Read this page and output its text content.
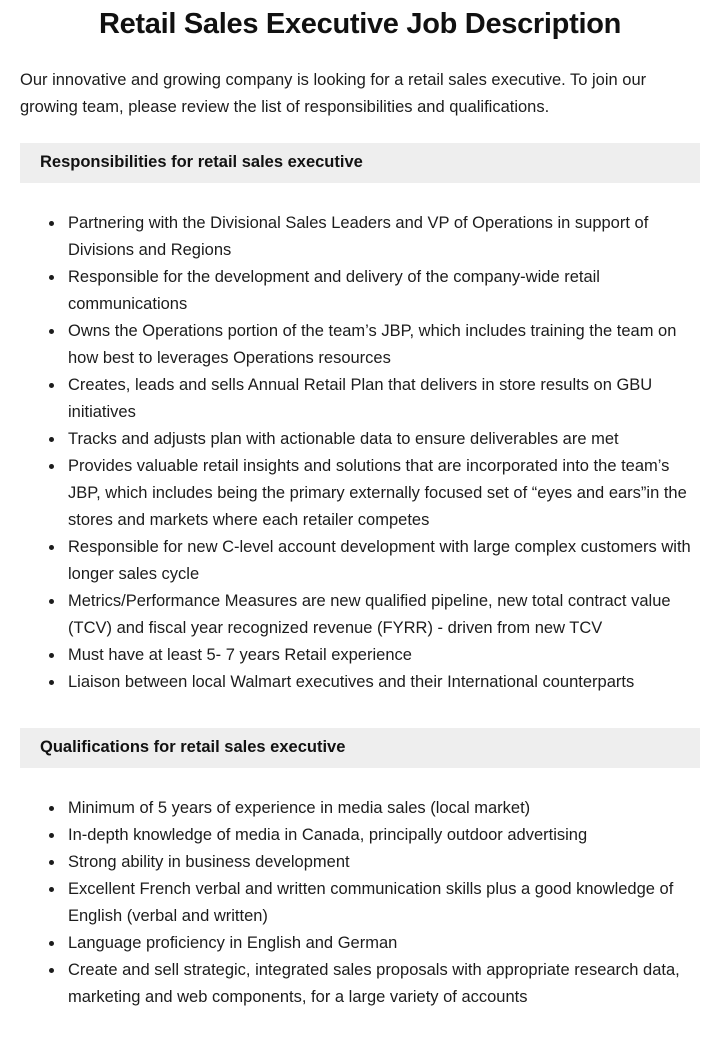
Retail Sales Executive Job Description

Our innovative and growing company is looking for a retail sales executive. To join our growing team, please review the list of responsibilities and qualifications.

Responsibilities for retail sales executive
• Partnering with the Divisional Sales Leaders and VP of Operations in support of Divisions and Regions
• Responsible for the development and delivery of the company-wide retail communications
• Owns the Operations portion of the team’s JBP, which includes training the team on how best to leverages Operations resources
• Creates, leads and sells Annual Retail Plan that delivers in store results on GBU initiatives
• Tracks and adjusts plan with actionable data to ensure deliverables are met
• Provides valuable retail insights and solutions that are incorporated into the team’s JBP, which includes being the primary externally focused set of “eyes and ears”in the stores and markets where each retailer competes
• Responsible for new C-level account development with large complex customers with longer sales cycle
• Metrics/Performance Measures are new qualified pipeline, new total contract value (TCV) and fiscal year recognized revenue (FYRR) - driven from new TCV
• Must have at least 5- 7 years Retail experience
• Liaison between local Walmart executives and their International counterparts
Qualifications for retail sales executive
• Minimum of 5 years of experience in media sales (local market)
• In-depth knowledge of media in Canada, principally outdoor advertising
• Strong ability in business development
• Excellent French verbal and written communication skills plus a good knowledge of English (verbal and written)
• Language proficiency in English and German
• Create and sell strategic, integrated sales proposals with appropriate research data, marketing and web components, for a large variety of accounts
